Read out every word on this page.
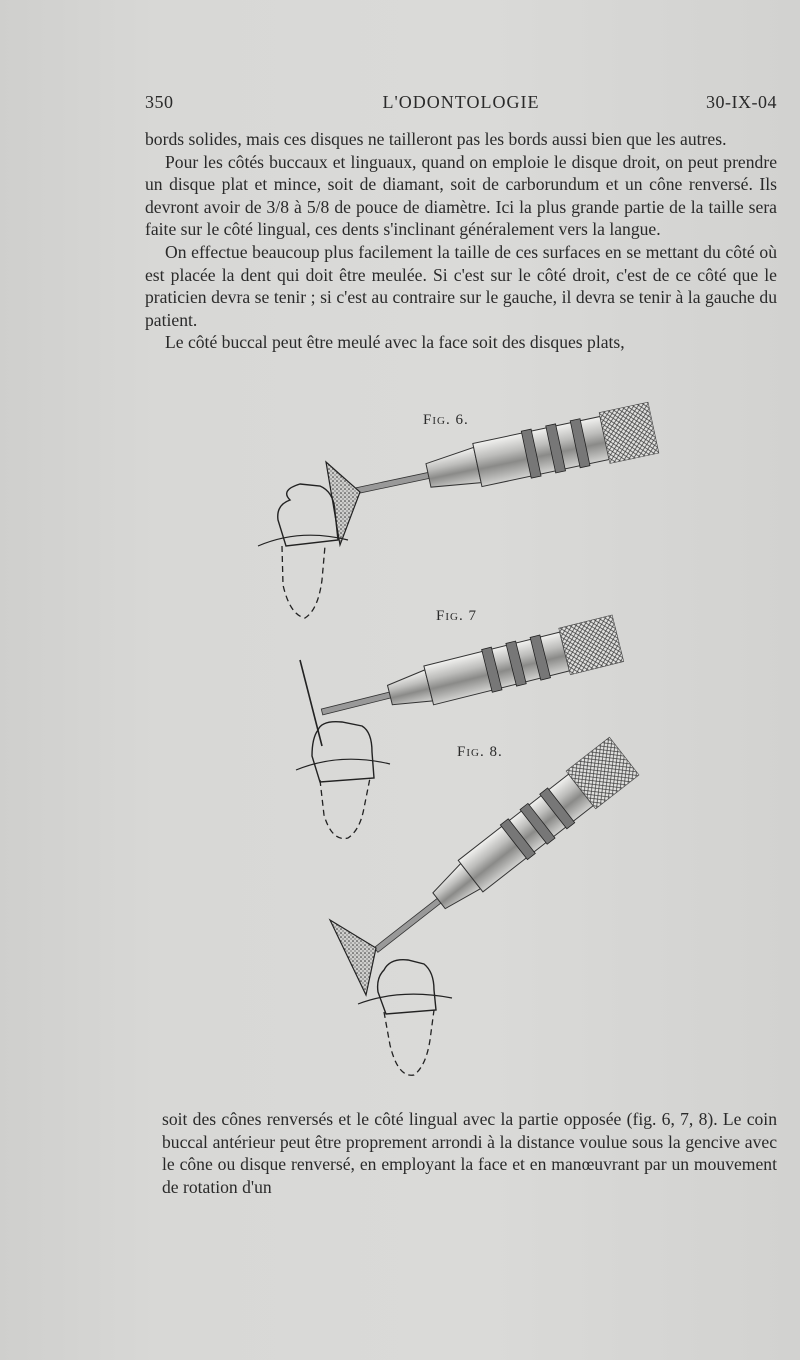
350	L'ODONTOLOGIE	30-IX-04

bords solides, mais ces disques ne tailleront pas les bords aussi bien que les autres.

Pour les côtés buccaux et linguaux, quand on emploie le disque droit, on peut prendre un disque plat et mince, soit de diamant, soit de carborundum et un cône renversé. Ils devront avoir de 3/8 à 5/8 de pouce de diamètre. Ici la plus grande partie de la taille sera faite sur le côté lingual, ces dents s'inclinant généralement vers la langue.

On effectue beaucoup plus facilement la taille de ces surfaces en se mettant du côté où est placée la dent qui doit être meulée. Si c'est sur le côté droit, c'est de ce côté que le praticien devra se tenir ; si c'est au contraire sur le gauche, il devra se tenir à la gauche du patient.

Le côté buccal peut être meulé avec la face soit des disques plats,

Fig. 6.
Fig. 7
Fig. 8.

soit des cônes renversés et le côté lingual avec la partie opposée (fig. 6, 7, 8). Le coin buccal antérieur peut être proprement arrondi à la distance voulue sous la gencive avec le cône ou disque renversé, en employant la face et en manœuvrant par un mouvement de rotation d'un
